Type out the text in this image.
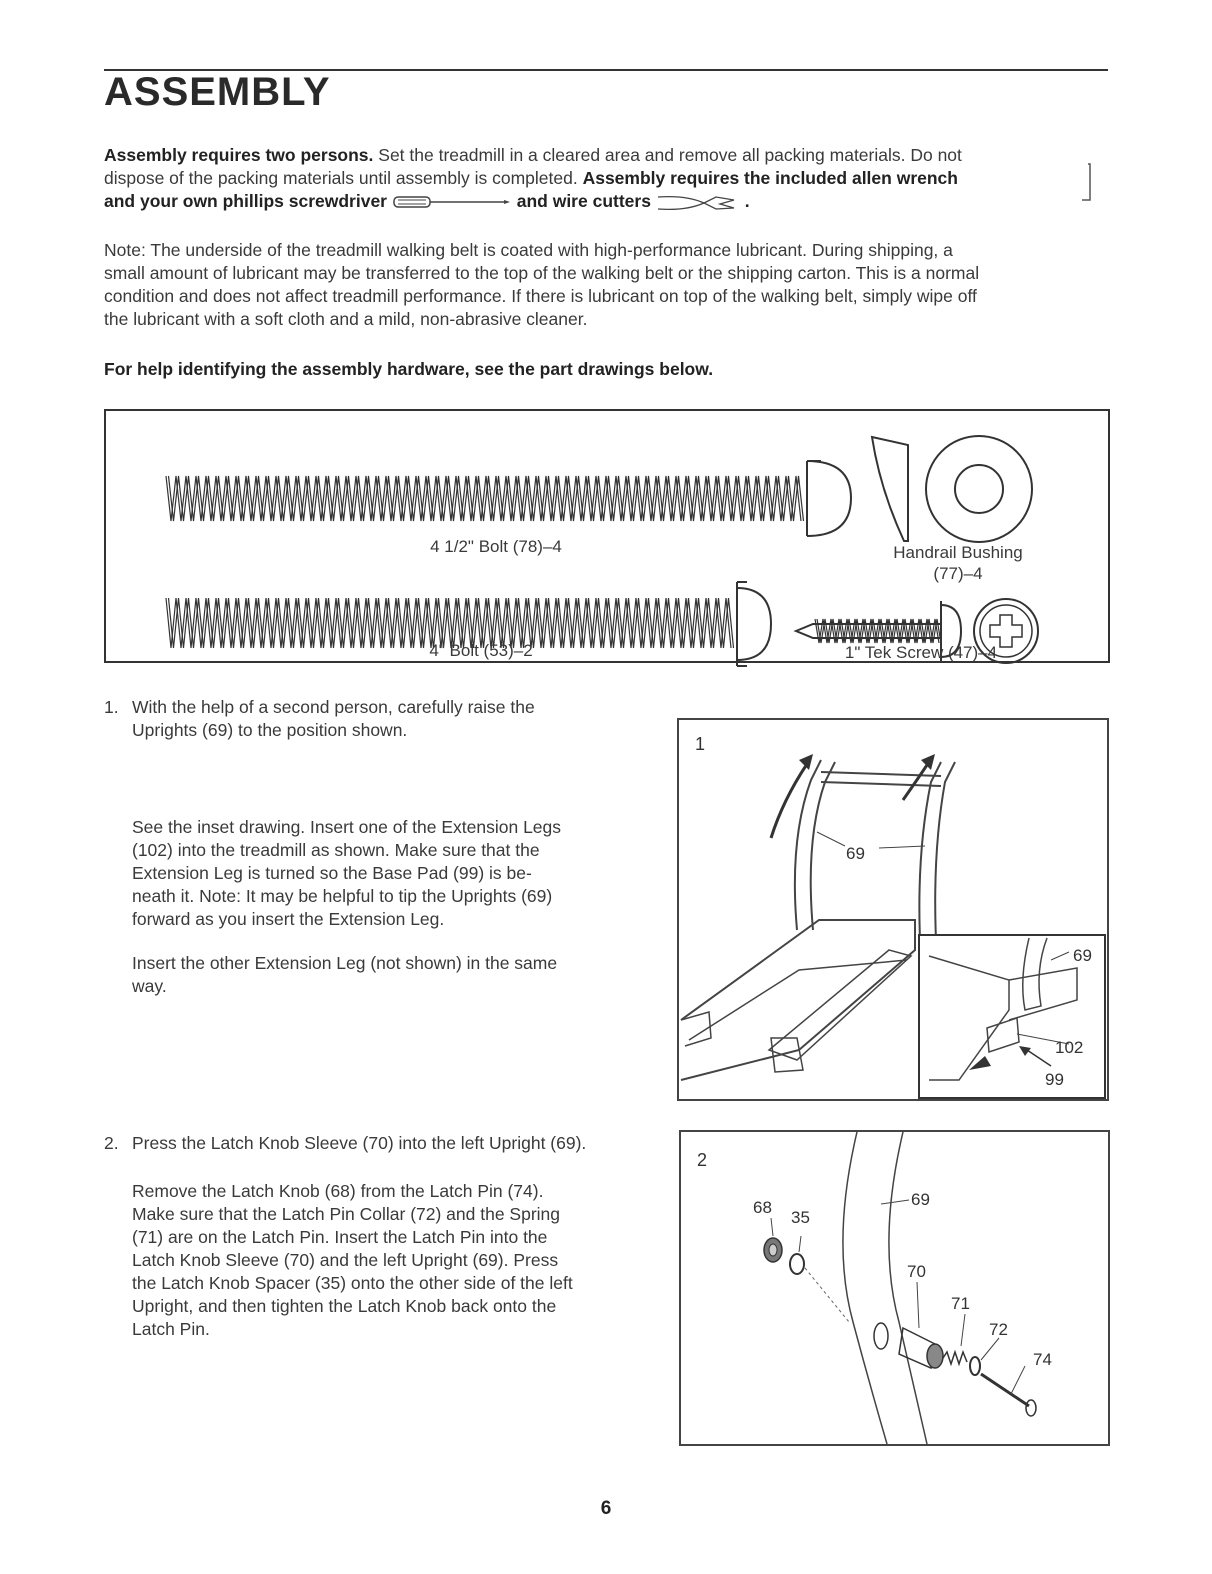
ASSEMBLY
Assembly requires two persons. Set the treadmill in a cleared area and remove all packing materials. Do not
dispose of the packing materials until assembly is completed. Assembly requires the included allen wrench
and your own phillips screwdriver	and wire cutters	.
Note: The underside of the treadmill walking belt is coated with high-performance lubricant. During shipping, a
small amount of lubricant may be transferred to the top of the walking belt or the shipping carton. This is a normal
condition and does not affect treadmill performance. If there is lubricant on top of the walking belt, simply wipe off
the lubricant with a soft cloth and a mild, non-abrasive cleaner.
For help identifying the assembly hardware, see the part drawings below.
4 1/2" Bolt (78)–4	Handrail Bushing
(77)–4
4" Bolt (53)–2	1" Tek Screw (47)–4
1. With the help of a second person, carefully raise the
Uprights (69) to the position shown.
See the inset drawing. Insert one of the Extension Legs
(102) into the treadmill as shown. Make sure that the
Extension Leg is turned so the Base Pad (99) is be-
neath it. Note: It may be helpful to tip the Uprights (69)
forward as you insert the Extension Leg.
Insert the other Extension Leg (not shown) in the same
way.
1
69
69
102
99
2. Press the Latch Knob Sleeve (70) into the left Upright (69).
Remove the Latch Knob (68) from the Latch Pin (74).
Make sure that the Latch Pin Collar (72) and the Spring
(71) are on the Latch Pin. Insert the Latch Pin into the
Latch Knob Sleeve (70) and the left Upright (69). Press
the Latch Knob Spacer (35) onto the other side of the left
Upright, and then tighten the Latch Knob back onto the
Latch Pin.
2
68
35
69
70
71
72
74
6
